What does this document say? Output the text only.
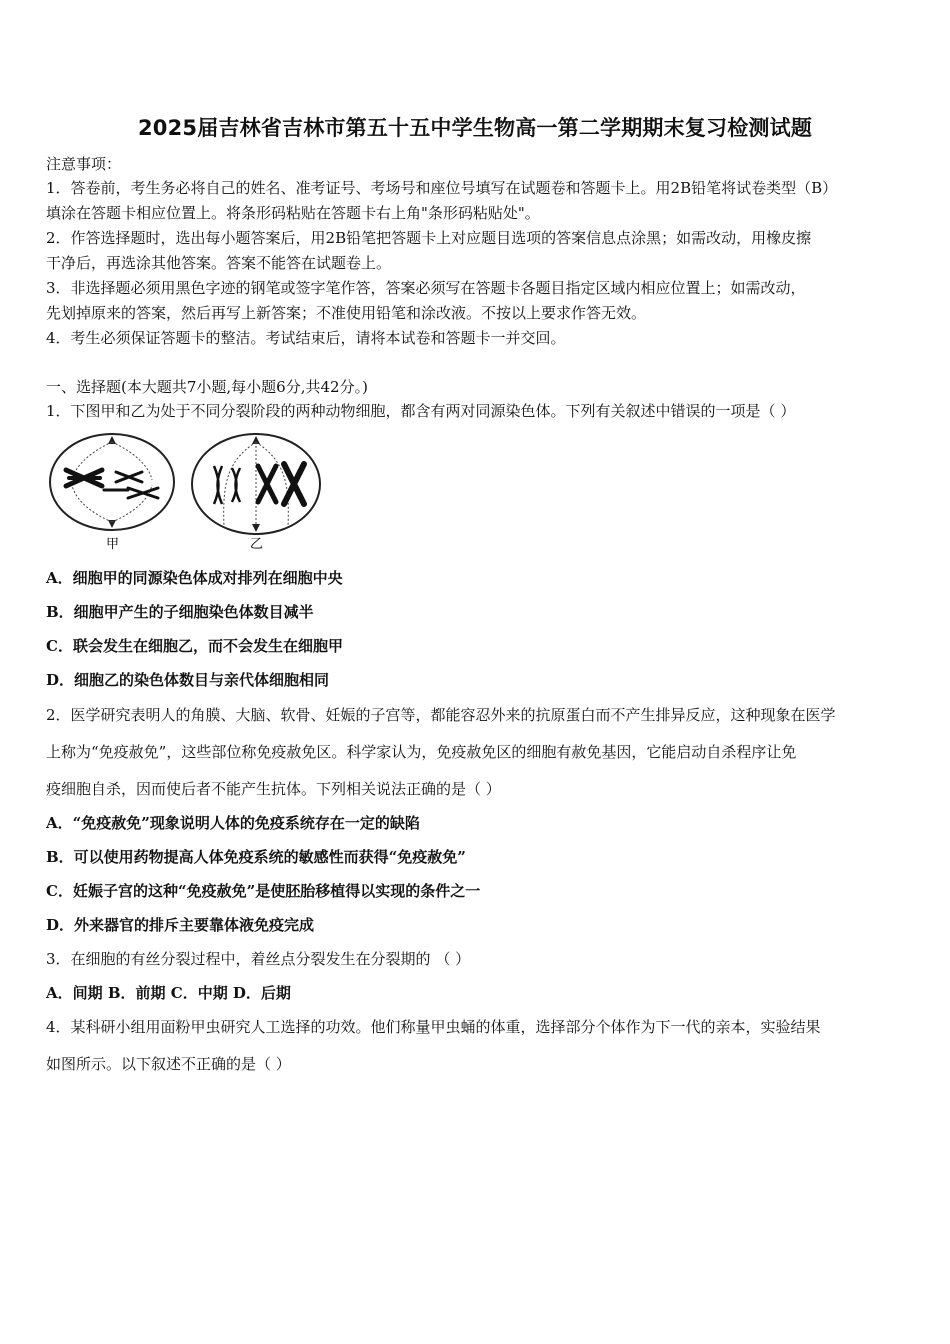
2025届吉林省吉林市第五十五中学生物高一第二学期期末复习检测试题
注意事项：
1．答卷前，考生务必将自己的姓名、准考证号、考场号和座位号填写在试题卷和答题卡上。用2B铅笔将试卷类型（B）
填涂在答题卡相应位置上。将条形码粘贴在答题卡右上角"条形码粘贴处"。
2．作答选择题时，选出每小题答案后，用2B铅笔把答题卡上对应题目选项的答案信息点涂黑；如需改动，用橡皮擦
干净后，再选涂其他答案。答案不能答在试题卷上。
3．非选择题必须用黑色字迹的钢笔或签字笔作答，答案必须写在答题卡各题目指定区域内相应位置上；如需改动，
先划掉原来的答案，然后再写上新答案；不准使用铅笔和涂改液。不按以上要求作答无效。
4．考生必须保证答题卡的整洁。考试结束后，请将本试卷和答题卡一并交回。
一、选择题(本大题共7小题,每小题6分,共42分。)
1．下图甲和乙为处于不同分裂阶段的两种动物细胞，都含有两对同源染色体。下列有关叙述中错误的一项是（ ）
甲	乙
A．细胞甲的同源染色体成对排列在细胞中央
B．细胞甲产生的子细胞染色体数目减半
C．联会发生在细胞乙，而不会发生在细胞甲
D．细胞乙的染色体数目与亲代体细胞相同
2．医学研究表明人的角膜、大脑、软骨、妊娠的子宫等，都能容忍外来的抗原蛋白而不产生排异反应，这种现象在医学
上称为“免疫赦免”，这些部位称免疫赦免区。科学家认为，免疫赦免区的细胞有赦免基因，它能启动自杀程序让免
疫细胞自杀，因而使后者不能产生抗体。下列相关说法正确的是（ ）
A．“免疫赦免”现象说明人体的免疫系统存在一定的缺陷
B．可以使用药物提高人体免疫系统的敏感性而获得“免疫赦免”
C．妊娠子宫的这种“免疫赦免”是使胚胎移植得以实现的条件之一
D．外来器官的排斥主要靠体液免疫完成
3．在细胞的有丝分裂过程中，着丝点分裂发生在分裂期的 （ ）
A．间期 B．前期 C．中期 D．后期
4．某科研小组用面粉甲虫研究人工选择的功效。他们称量甲虫蛹的体重，选择部分个体作为下一代的亲本，实验结果
如图所示。以下叙述不正确的是（ ）
